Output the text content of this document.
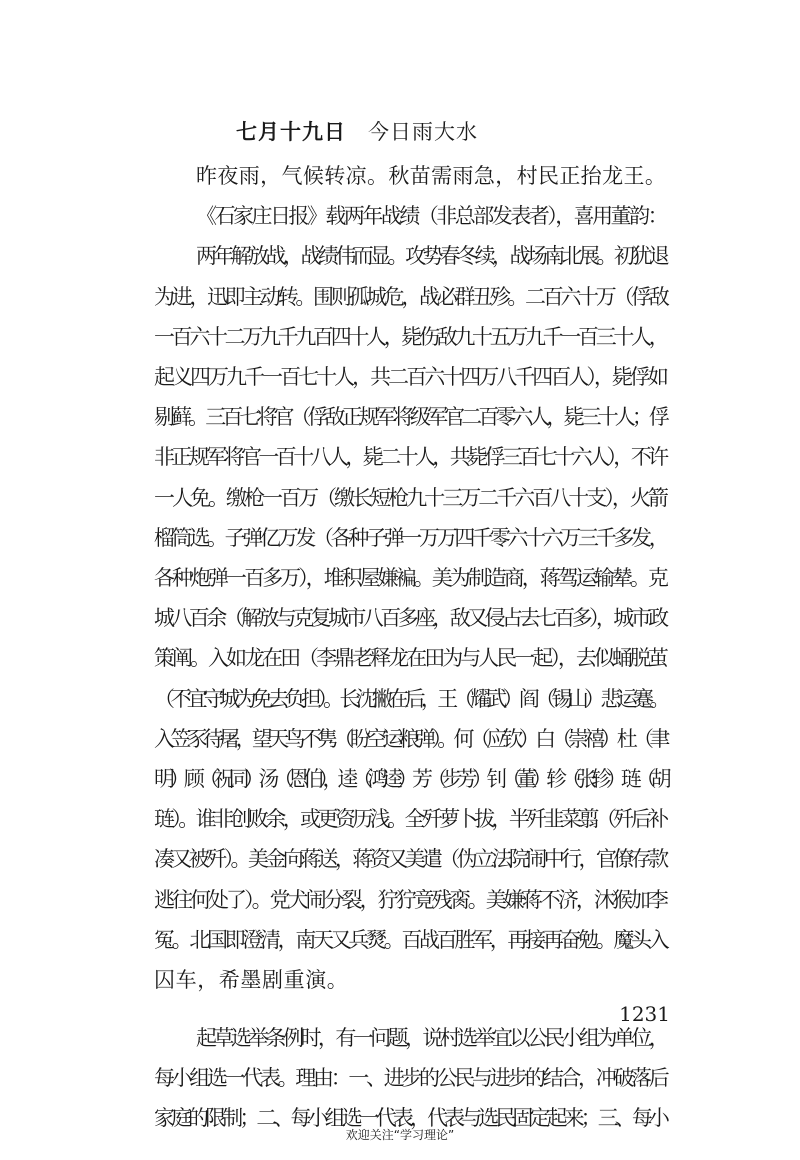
七月十九日 今日雨大水
昨夜雨，气候转凉。秋苗需雨急，村民正抬龙王。
《石家庄日报》载两年战绩（非总部发表者），喜用董韵：
两年解放战，战绩伟而显。攻势春冬续，战场南北展。初犹退
为进，迅即主动转。围则孤城危，战必群丑殄。二百六十万（俘敌
一百六十二万九千九百四十人，毙伤敌九十五万九千一百三十人，
起义四万九千一百七十人，共二百六十四万八千四百人），毙俘如
剔藓。三百七将官（俘敌正规军将级军官二百零六人，毙三十人；俘
非正规军将官一百十八人，毙二十人，共毙俘三百七十六人），不许
一人免。缴枪一百万（缴长短枪九十三万二千六百八十支），火箭
榴筒选。子弹亿万发（各种子弹一万万四千零六十六万三千多发，
各种炮弹一百多万），堆积屋嫌褊。美为制造商，蒋驾运输辇。克
城八百余（解放与克复城市八百多座，敌又侵占去七百多），城市政
策阐。入如龙在田（李鼎老释龙在田为与人民一起），去似蛹脱茧
（不宜守城为免去负担）。长沈撇在后，王（耀武）阎（锡山）悲运蹇。
入笠豕待屠，望天鸟不隽（盼空运粮弹）。何（应钦）白（崇禧）杜（聿
明）顾（祝同）汤（恩伯），逵（鸿逵）芳（步芳）钊（董）轸（张轸）琏（胡
琏）。谁非创败余，或更资历浅。全歼萝卜拔，半歼韭菜翦（歼后补
凑又被歼）。美金向蒋送，蒋资又美遣（伪立法院闹中行，官僚存款
逃往何处了）。党犬闹分裂，狞狞竟残脔。美嫌蒋不济，沐猴加李
冤。北国即澄清，南天又兵燹。百战百胜军，再接再奋勉。魔头入
囚车，希墨剧重演。
起草选举条例时，有一问题，说村选举宜以公民小组为单位，
每小组选一代表。理由：一、进步的公民与进步的结合，冲破落后
家庭的限制；二、每小组选一代表，代表与选民固定起来；三、每小
1231
欢迎关注“学习理论”
